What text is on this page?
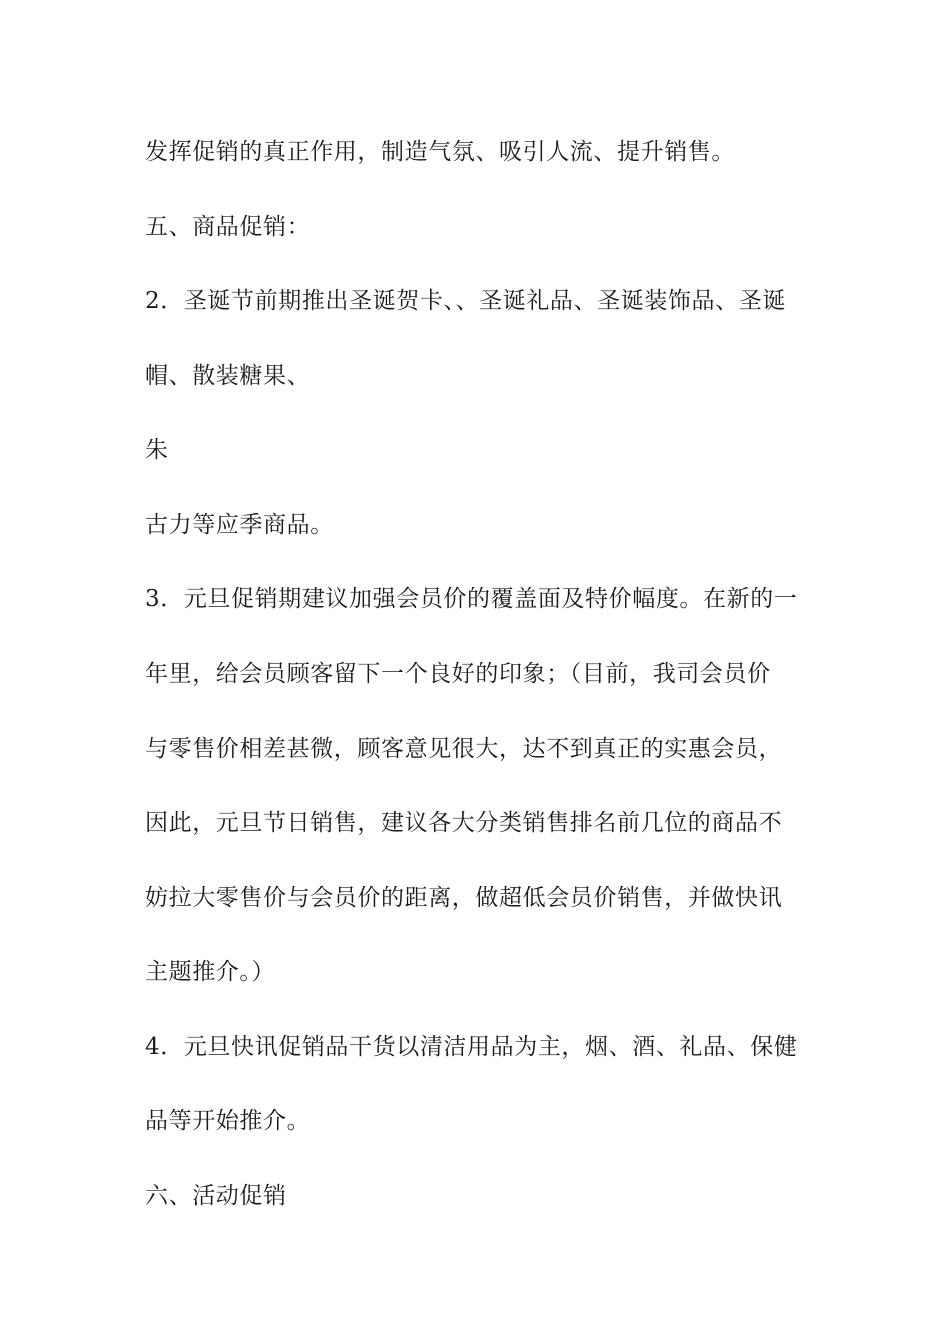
发挥促销的真正作用，制造气氛、吸引人流、提升销售。

五、商品促销：

2．圣诞节前期推出圣诞贺卡、、圣诞礼品、圣诞装饰品、圣诞

帽、散装糖果、

朱

古力等应季商品。

3．元旦促销期建议加强会员价的覆盖面及特价幅度。在新的一

年里，给会员顾客留下一个良好的印象；（目前，我司会员价

与零售价相差甚微，顾客意见很大，达不到真正的实惠会员，

因此，元旦节日销售，建议各大分类销售排名前几位的商品不

妨拉大零售价与会员价的距离，做超低会员价销售，并做快讯

主题推介。）

4．元旦快讯促销品干货以清洁用品为主，烟、酒、礼品、保健

品等开始推介。

六、活动促销
